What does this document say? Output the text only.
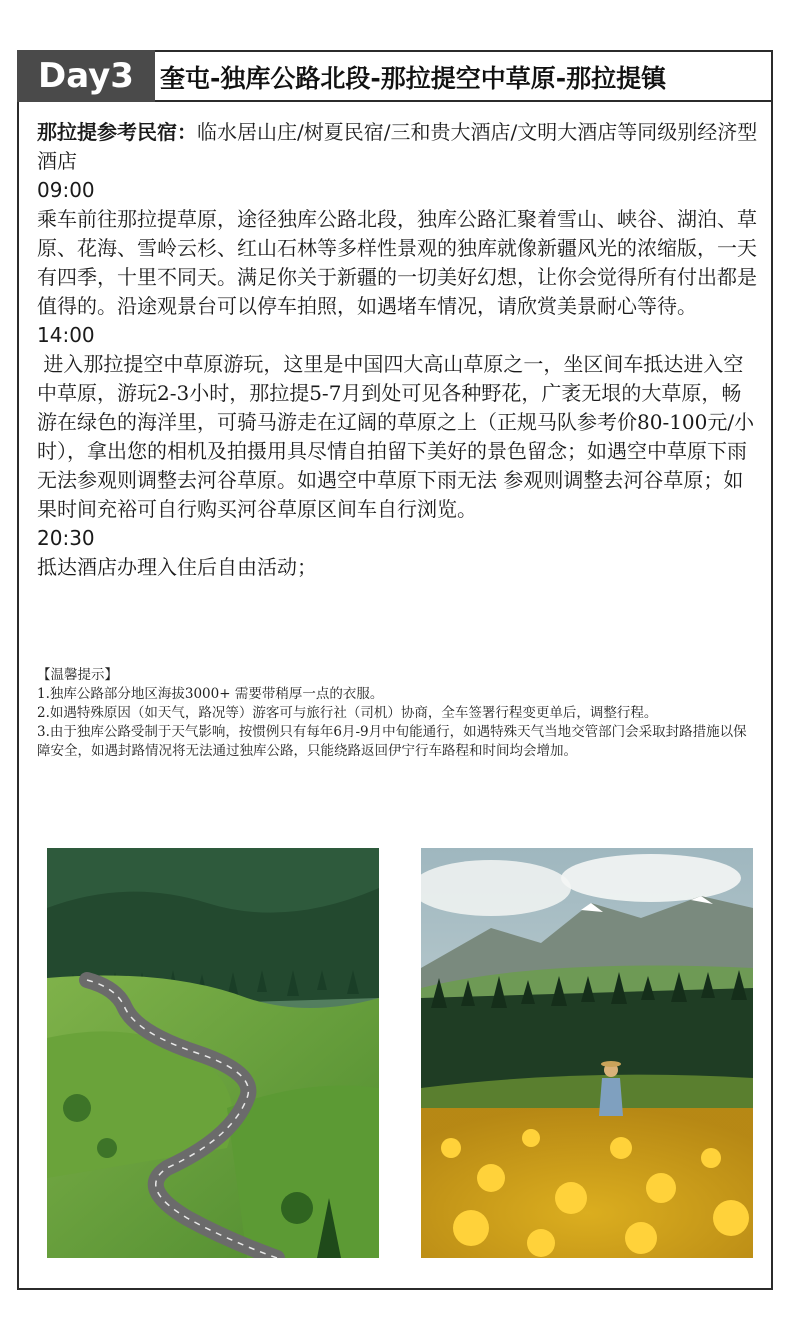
Day3	奎屯-独库公路北段-那拉提空中草原-那拉提镇

那拉提参考民宿：临水居山庄/树夏民宿/三和贵大酒店/文明大酒店等同级别经济型酒店

09:00

乘车前往那拉提草原，途径独库公路北段，独库公路汇聚着雪山、峡谷、湖泊、草原、花海、雪岭云杉、红山石林等多样性景观的独库就像新疆风光的浓缩版，一天有四季，十里不同天。满足你关于新疆的一切美好幻想，让你会觉得所有付出都是值得的。沿途观景台可以停车拍照，如遇堵车情况，请欣赏美景耐心等待。

14:00

进入那拉提空中草原游玩，这里是中国四大高山草原之一，坐区间车抵达进入空中草原，游玩2-3小时，那拉提5-7月到处可见各种野花，广袤无垠的大草原，畅游在绿色的海洋里，可骑马游走在辽阔的草原之上（正规马队参考价80-100元/小时），拿出您的相机及拍摄用具尽情自拍留下美好的景色留念；如遇空中草原下雨无法参观则调整去河谷草原。如遇空中草原下雨无法 参观则调整去河谷草原；如果时间充裕可自行购买河谷草原区间车自行浏览。

20:30

抵达酒店办理入住后自由活动；

【温馨提示】

1.独库公路部分地区海拔3000+ 需要带稍厚一点的衣服。

2.如遇特殊原因（如天气，路况等）游客可与旅行社（司机）协商，全车签署行程变更单后，调整行程。

3.由于独库公路受制于天气影响，按惯例只有每年6月-9月中旬能通行，如遇特殊天气当地交管部门会采取封路措施以保障安全，如遇封路情况将无法通过独库公路，只能绕路返回伊宁行车路程和时间均会增加。
